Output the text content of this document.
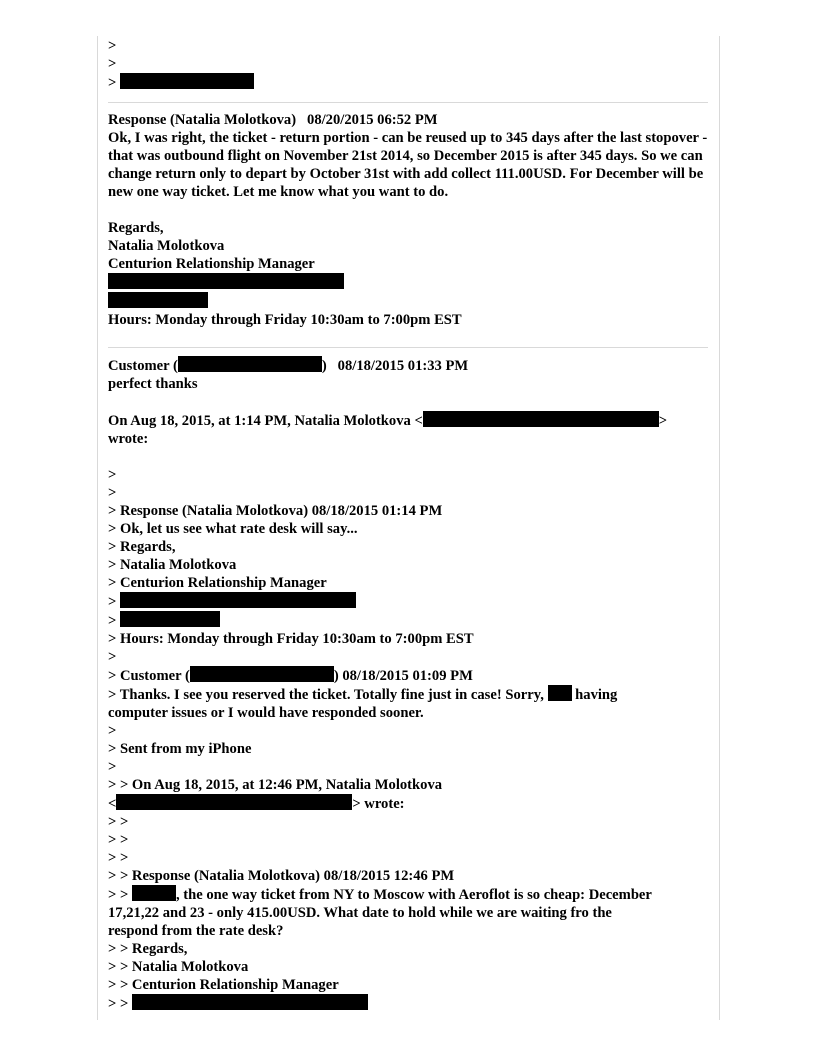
>
>
>
Response (Natalia Molotkova)   08/20/2015 06:52 PM
Ok, I was right, the ticket - return portion - can be reused up to 345 days after the last stopover - that was outbound flight on November 21st 2014, so December 2015 is after 345 days. So we can change return only to depart by October 31st with add collect 111.00USD. For December will be new one way ticket. Let me know what you want to do.
Regards,
Natalia Molotkova
Centurion Relationship Manager
Hours: Monday through Friday 10:30am to 7:00pm EST
Customer (	)   08/18/2015 01:33 PM
perfect thanks
On Aug 18, 2015, at 1:14 PM, Natalia Molotkova <	>
wrote:
>
>
> Response (Natalia Molotkova) 08/18/2015 01:14 PM
> Ok, let us see what rate desk will say...
> Regards,
> Natalia Molotkova
> Centurion Relationship Manager
>
>
> Hours: Monday through Friday 10:30am to 7:00pm EST
>
> Customer (	) 08/18/2015 01:09 PM
> Thanks. I see you reserved the ticket. Totally fine just in case! Sorry, having
computer issues or I would have responded sooner.
>
> Sent from my iPhone
>
> > On Aug 18, 2015, at 12:46 PM, Natalia Molotkova
<	> wrote:
> >
> >
> >
> > Response (Natalia Molotkova) 08/18/2015 12:46 PM
> >	, the one way ticket from NY to Moscow with Aeroflot is so cheap: December
17,21,22 and 23 - only 415.00USD. What date to hold while we are waiting fro the
respond from the rate desk?
> > Regards,
> > Natalia Molotkova
> > Centurion Relationship Manager
> >
